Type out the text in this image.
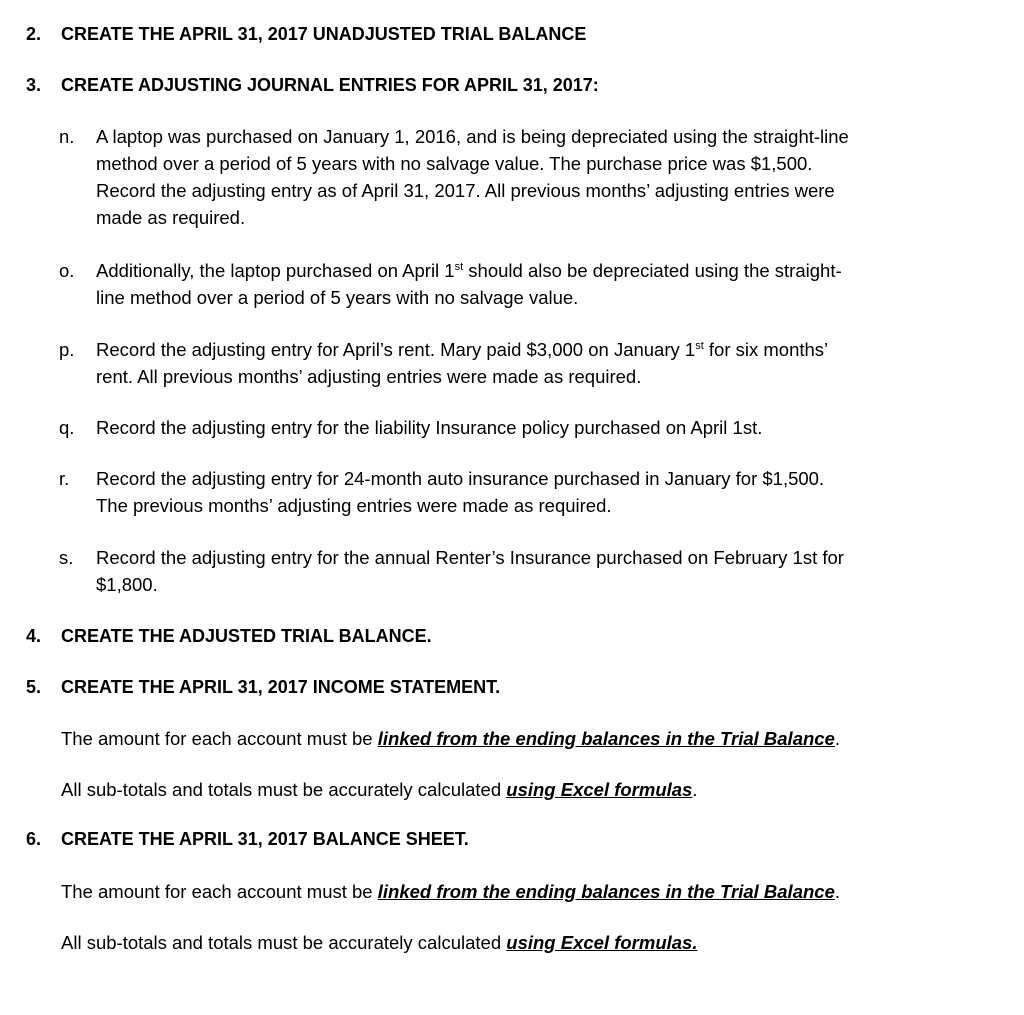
2. CREATE THE APRIL 31, 2017 UNADJUSTED TRIAL BALANCE
3. CREATE ADJUSTING JOURNAL ENTRIES FOR APRIL 31, 2017:
n. A laptop was purchased on January 1, 2016, and is being depreciated using the straight-line
method over a period of 5 years with no salvage value. The purchase price was $1,500.
Record the adjusting entry as of April 31, 2017. All previous months’ adjusting entries were
made as required.
o. Additionally, the laptop purchased on April 1st should also be depreciated using the straight-
line method over a period of 5 years with no salvage value.
p. Record the adjusting entry for April’s rent. Mary paid $3,000 on January 1st for six months’
rent. All previous months’ adjusting entries were made as required.
q. Record the adjusting entry for the liability Insurance policy purchased on April 1st.
r. Record the adjusting entry for 24-month auto insurance purchased in January for $1,500.
The previous months’ adjusting entries were made as required.
s. Record the adjusting entry for the annual Renter’s Insurance purchased on February 1st for
$1,800.
4. CREATE THE ADJUSTED TRIAL BALANCE.
5. CREATE THE APRIL 31, 2017 INCOME STATEMENT.
The amount for each account must be linked from the ending balances in the Trial Balance.
All sub-totals and totals must be accurately calculated using Excel formulas.
6. CREATE THE APRIL 31, 2017 BALANCE SHEET.
The amount for each account must be linked from the ending balances in the Trial Balance.
All sub-totals and totals must be accurately calculated using Excel formulas.
